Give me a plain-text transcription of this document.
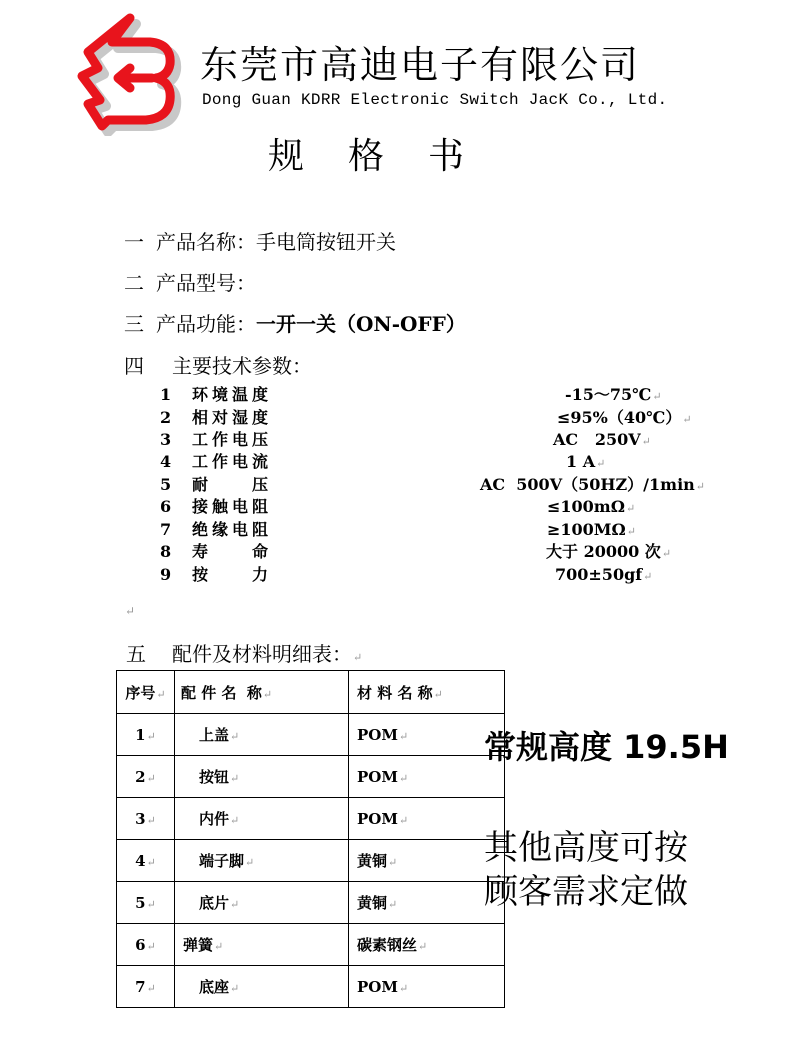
东莞市高迪电子有限公司
Dong Guan KDRR Electronic Switch JacK Co., Ltd.
规 格 书
一 产品名称：手电筒按钮开关
二 产品型号：
三 产品功能：一开一关（ON-OFF）
四 主要技术参数：
1 环境温度	-15～75℃↵
2 相对湿度	≤95%（40℃）↵
3 工作电压	AC   250V↵
4 工作电流	1 A↵
5 耐 压	AC  500V（50HZ）/1min↵
6 接触电阻	≤100mΩ↵
7 绝缘电阻	≥100MΩ↵
8 寿 命	大于 20000 次↵
9 按 力	700±50gf↵
↵
五 配件及材料明细表：↵
序号↵	配 件 名  称↵	材 料 名 称↵
1↵	上盖↵	POM↵
2↵	按钮↵	POM↵
3↵	内件↵	POM↵
4↵	端子脚↵	黄铜↵
5↵	底片↵	黄铜↵
6↵	弹簧↵	碳素钢丝↵
7↵	底座↵	POM↵
常规高度 19.5H
其他高度可按
顾客需求定做
